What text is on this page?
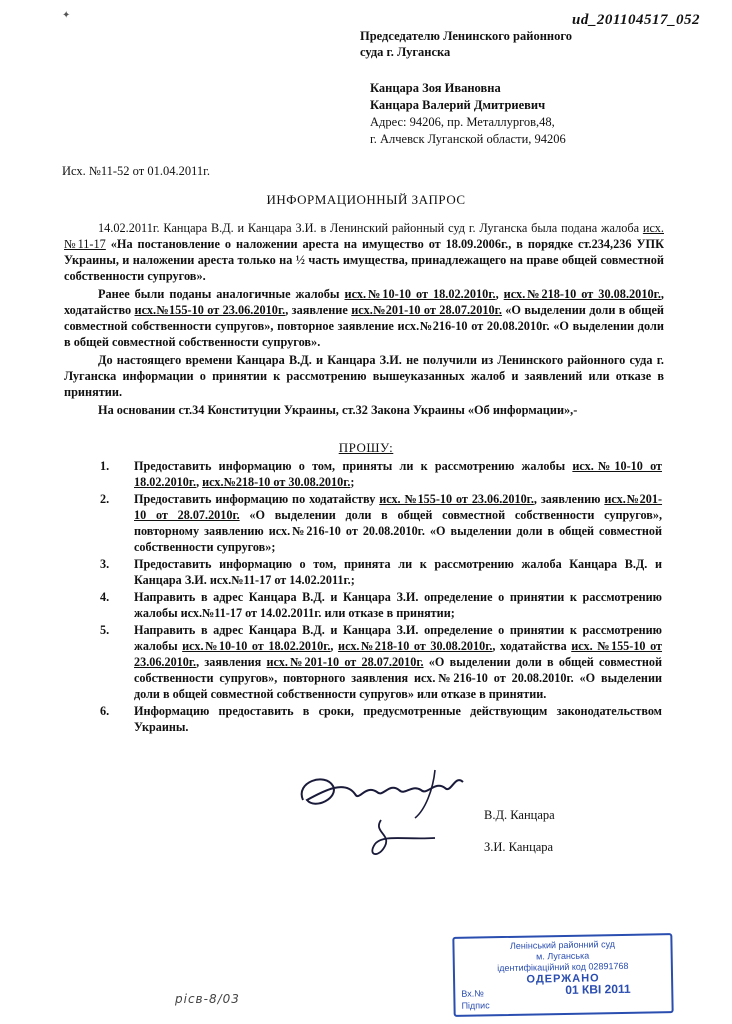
✦	ud_201104517_052
Председателю Ленинского районного
суда г. Луганска
Канцара Зоя Ивановна
Канцара Валерий Дмитриевич
Адрес: 94206, пр. Металлургов,48,
г. Алчевск Луганской области, 94206
Исх. №11-52 от 01.04.2011г.
ИНФОРМАЦИОННЫЙ ЗАПРОС

14.02.2011г. Канцара В.Д. и Канцара З.И. в Ленинский районный суд г. Луганска была подана жалоба исх.№11-17 «На постановление о наложении ареста на имущество от 18.09.2006г., в порядке ст.234,236 УПК Украины, и наложении ареста только на ½ часть имущества, принадлежащего на праве общей совместной собственности супругов».

Ранее были поданы аналогичные жалобы исх.№10-10 от 18.02.2010г., исх.№218-10 от 30.08.2010г., ходатайство исх.№155-10 от 23.06.2010г., заявление исх.№201-10 от 28.07.2010г. «О выделении доли в общей совместной собственности супругов», повторное заявление исх.№216-10 от 20.08.2010г. «О выделении доли в общей совместной собственности супругов».

До настоящего времени Канцара В.Д. и Канцара З.И. не получили из Ленинского районного суда г. Луганска информации о принятии к рассмотрению вышеуказанных жалоб и заявлений или отказе в принятии.

На основании ст.34 Конституции Украины, ст.32 Закона Украины «Об информации»,-

ПРОШУ:
1.	Предоставить информацию о том, приняты ли к рассмотрению жалобы исх.№10-10 от 18.02.2010г., исх.№218-10 от 30.08.2010г.;
2.	Предоставить информацию по ходатайству исх. №155-10 от 23.06.2010г., заявлению исх.№201-10 от 28.07.2010г. «О выделении доли в общей совместной собственности супругов», повторному заявлению исх.№216-10 от 20.08.2010г. «О выделении доли в общей совместной собственности супругов»;
3.	Предоставить информацию о том, принята ли к рассмотрению жалоба Канцара В.Д. и Канцара З.И. исх.№11-17 от 14.02.2011г.;
4.	Направить в адрес Канцара В.Д. и Канцара З.И. определение о принятии к рассмотрению жалобы исх.№11-17 от 14.02.2011г. или отказе в принятии;
5.	Направить в адрес Канцара В.Д. и Канцара З.И. определение о принятии к рассмотрению жалобы исх.№10-10 от 18.02.2010г., исх.№218-10 от 30.08.2010г., ходатайства исх. №155-10 от 23.06.2010г., заявления исх.№201-10 от 28.07.2010г. «О выделении доли в общей совместной собственности супругов», повторного заявления исх.№216-10 от 20.08.2010г. «О выделении доли в общей совместной собственности супругов» или отказе в принятии.
6.	Информацию предоставить в сроки, предусмотренные действующим законодательством Украины.
В.Д. Канцара
З.И. Канцара
Ленінський районний суд
м. Луганська
ідентифікаційний код 02891768
ОДЕРЖАНО
Вх.№
Підпис
01 КВІ 2011
рісв-8/03
